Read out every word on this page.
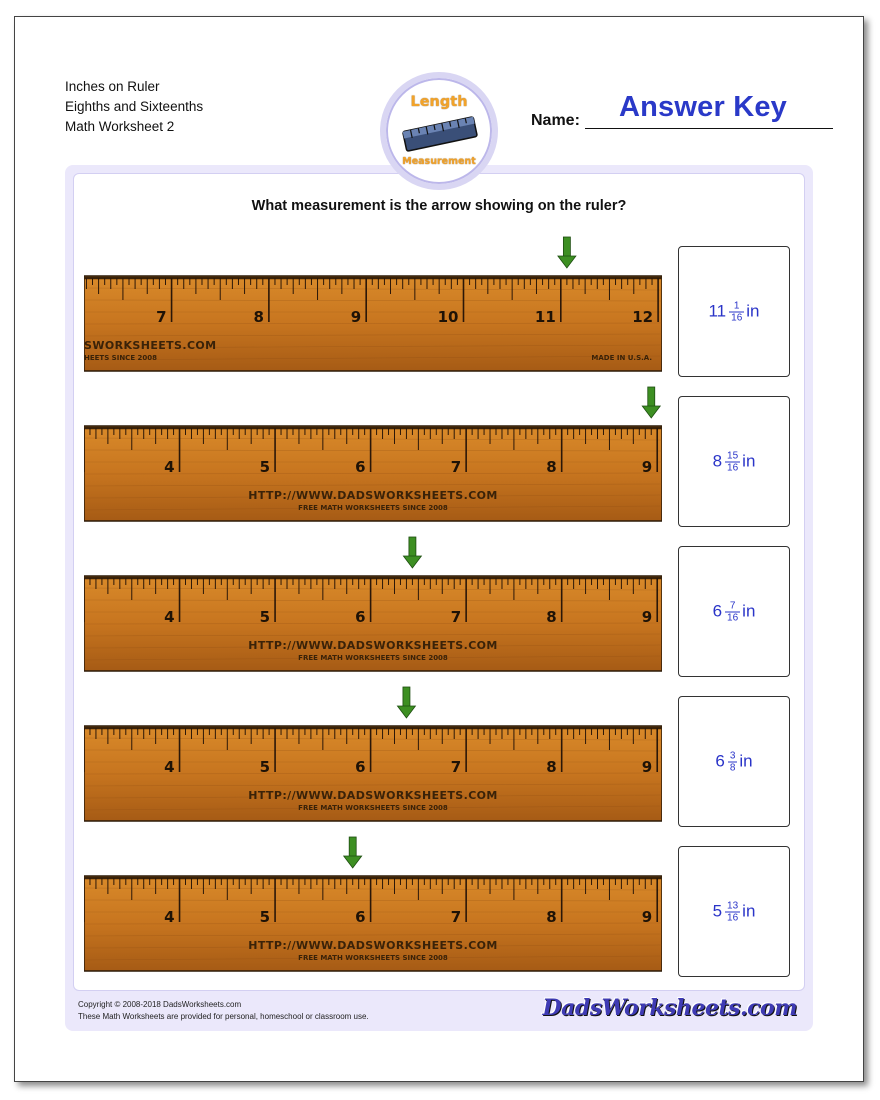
Inches on Ruler
Eighths and Sixteenths
Math Worksheet 2
Length
Measurement
Name:	Answer Key
What measurement is the arrow showing on the ruler?
7	8	9	10	11	12
SWORKSHEETS.COM
HEETS SINCE 2008	MADE IN U.S.A.
$11 \frac{1}{16}$ in
4	5	6	7	8	9
HTTP://WWW.DADSWORKSHEETS.COM
FREE MATH WORKSHEETS SINCE 2008
$8 \frac{15}{16}$ in
4	5	6	7	8	9
HTTP://WWW.DADSWORKSHEETS.COM
FREE MATH WORKSHEETS SINCE 2008
$6 \frac{7}{16}$ in
4	5	6	7	8	9
HTTP://WWW.DADSWORKSHEETS.COM
FREE MATH WORKSHEETS SINCE 2008
$6 \frac{3}{8}$ in
4	5	6	7	8	9
HTTP://WWW.DADSWORKSHEETS.COM
FREE MATH WORKSHEETS SINCE 2008
$5 \frac{13}{16}$ in
Copyright © 2008-2018 DadsWorksheets.com
These Math Worksheets are provided for personal, homeschool or classroom use.	DadsWorksheets.com
